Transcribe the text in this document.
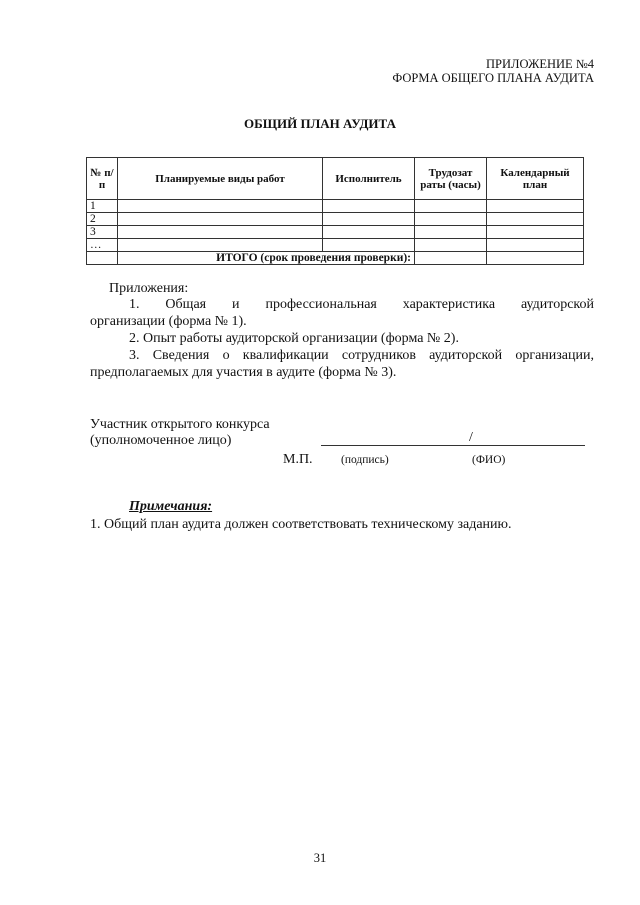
ПРИЛОЖЕНИЕ №4
ФОРМА ОБЩЕГО ПЛАНА АУДИТА
ОБЩИЙ ПЛАН АУДИТА
№ п/п	Планируемые виды работ	Исполнитель	Трудозат раты (часы)	Календарный план
1				
2				
3				
…				
	ИТОГО (срок проведения проверки):			
Приложения:
1. Общая и профессиональная характеристика аудиторской
организации (форма № 1).
2. Опыт работы аудиторской организации (форма № 2).
3. Сведения о квалификации сотрудников аудиторской организации,
предполагаемых для участия в аудите (форма № 3).
Участник открытого конкурса
(уполномоченное лицо)	/
М.П. (подпись)	(ФИО)
Примечания:
1. Общий план аудита должен соответствовать техническому заданию.
31
